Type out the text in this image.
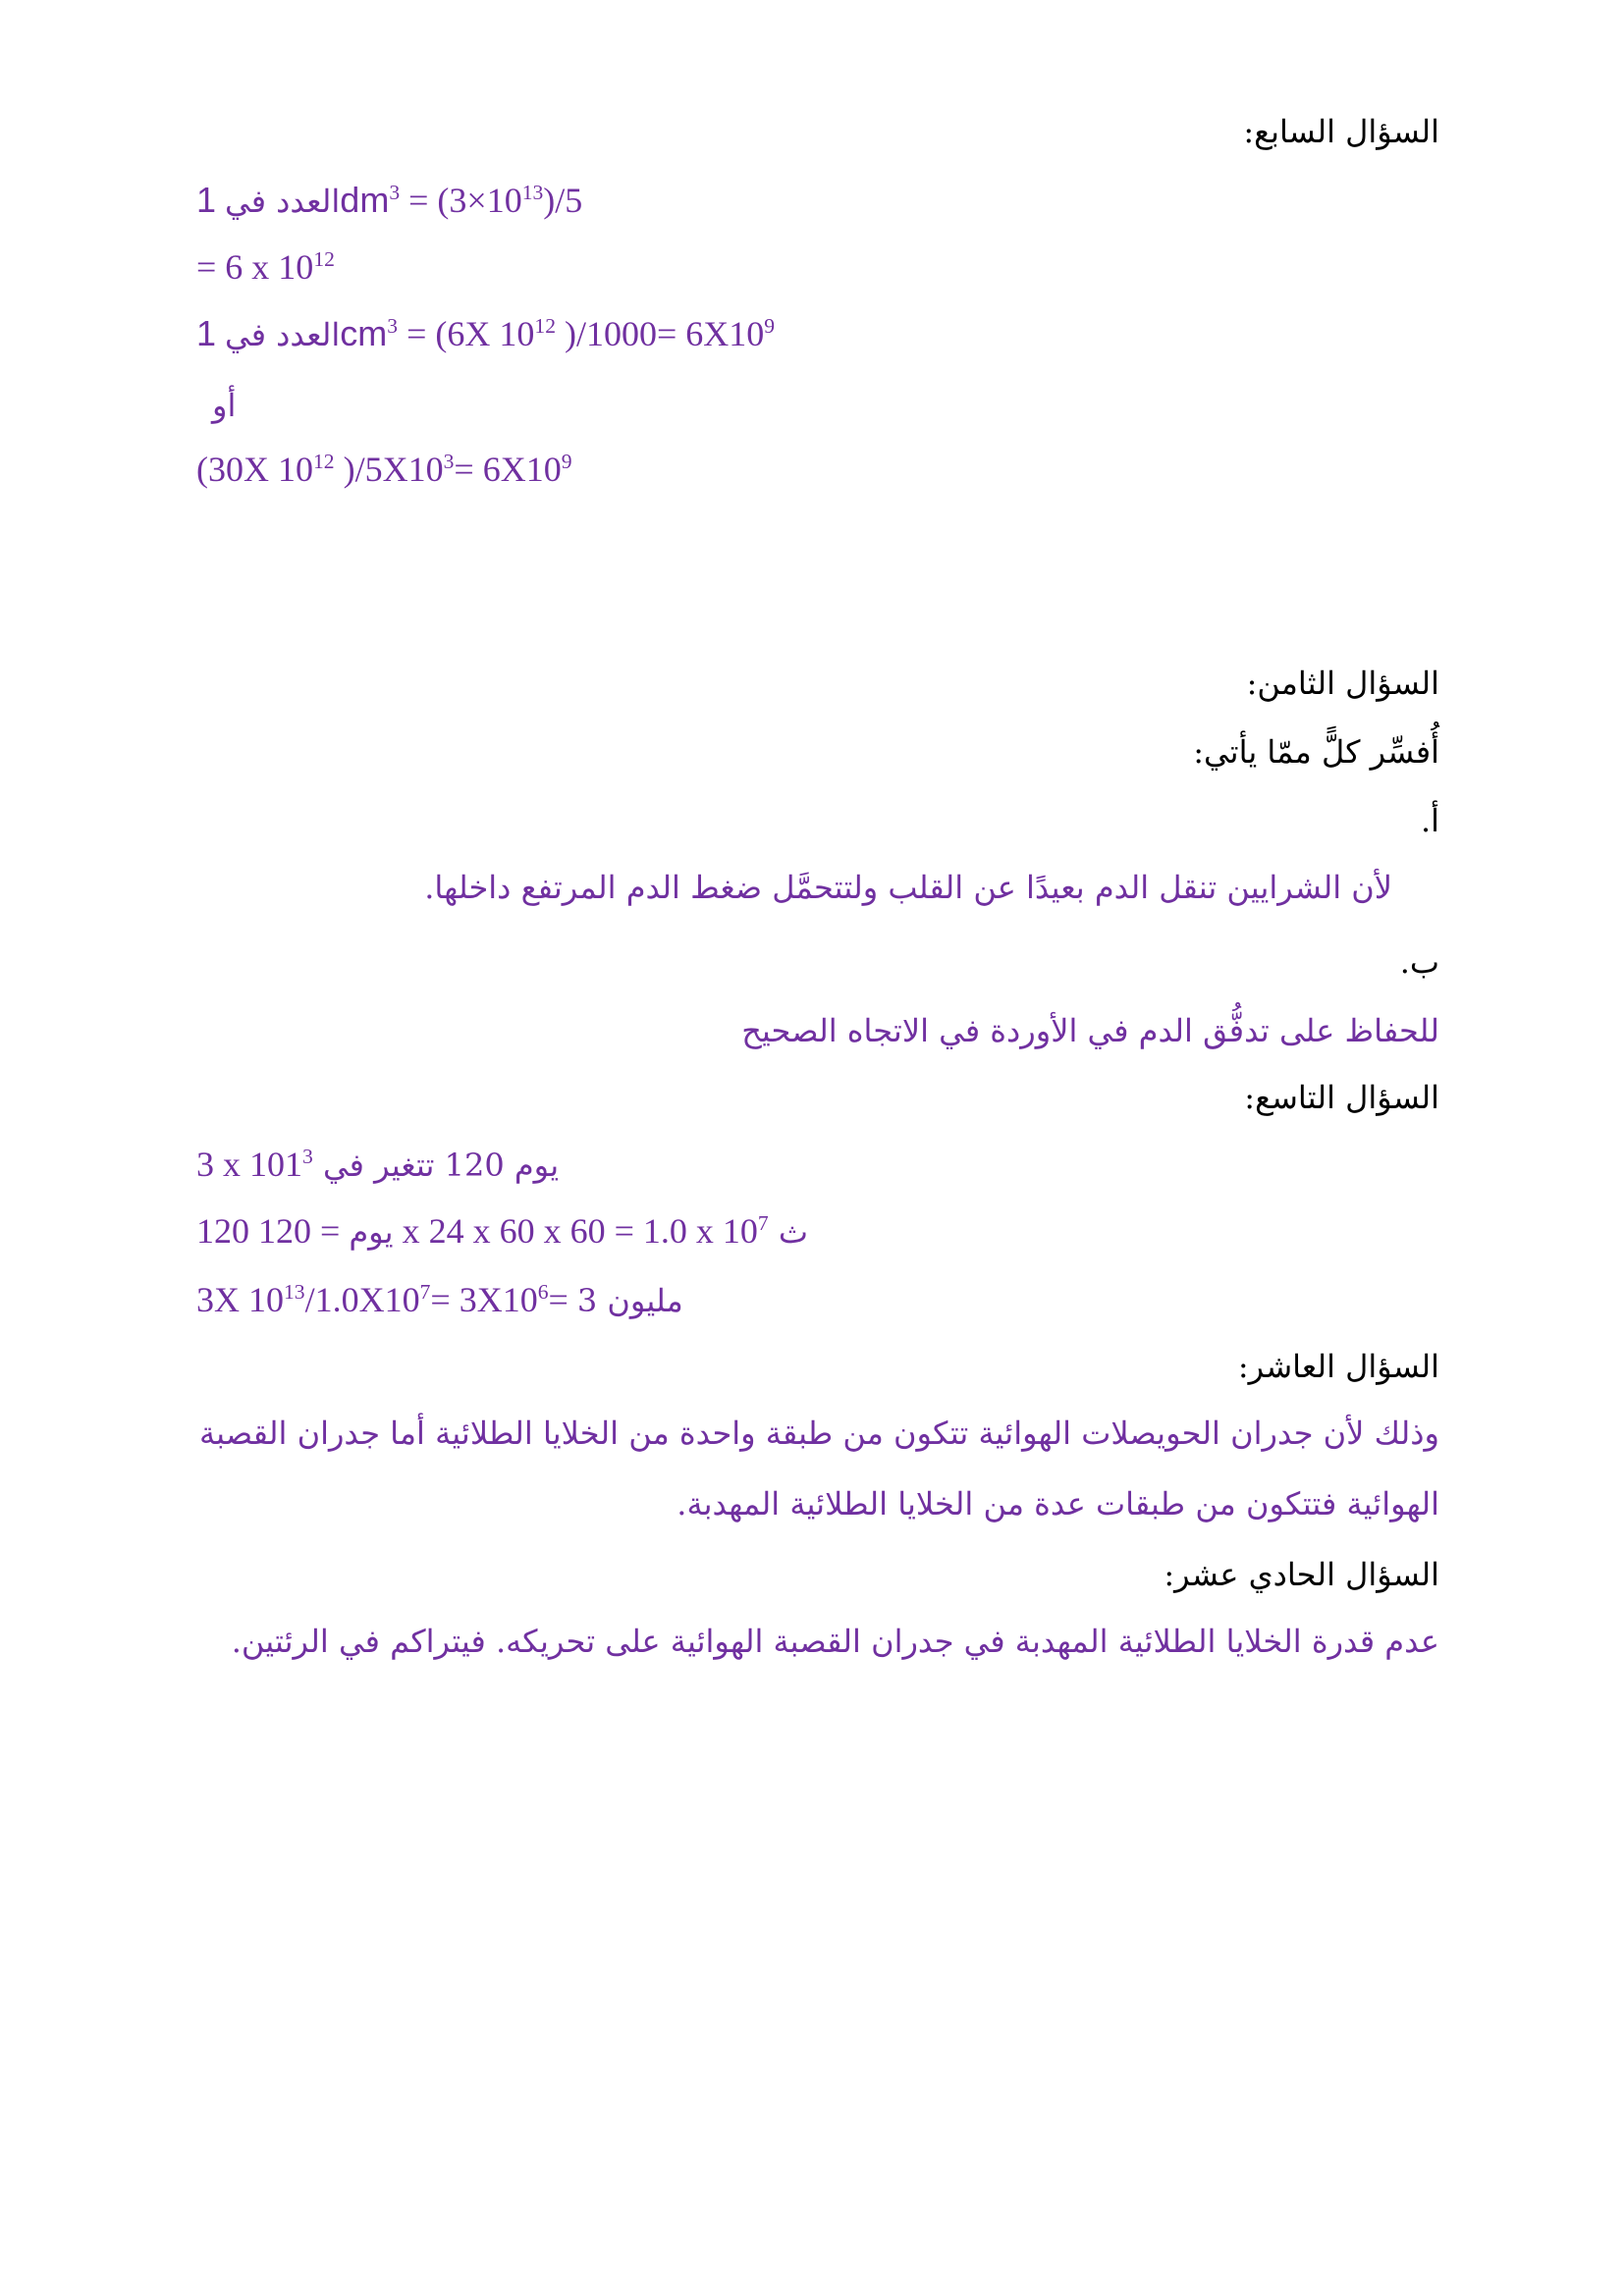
السؤال السابع:
العدد في $1dm^3 = (3\times 10^{13})/5$
= 6 x $10^{12}$
العدد في $1cm^3 = (6X$ $10^{12}$ )$/1000= 6X10^9$
أو
(30X $10^{12}$ )$/5X10^3= 6X10^9$
السؤال الثامن:
أُفسِّر كلًّ ممّا يأتي:
أ.
لأن الشرايين تنقل الدم بعيدًا عن القلب ولتتحمَّل ضغط الدم المرتفع داخلها.
ب.
للحفاظ على تدفُّق الدم في الأوردة في الاتجاه الصحيح
السؤال التاسع:
3 x $101^3$ يوم 120 تتغير في
120	يوم = 120 x 24 x 60 x 60 = 1.0 x $10^7$ ث
3X $10^{13}/1.0X10^7= 3X10^6= 3$ مليون
السؤال العاشر:
وذلك لأن جدران الحويصلات الهوائية تتكون من طبقة واحدة من الخلايا الطلائية أما جدران القصبة الهوائية فتتكون من طبقات عدة من الخلايا الطلائية المهدبة.
السؤال الحادي عشر:
عدم قدرة الخلايا الطلائية المهدبة في جدران القصبة الهوائية على تحريكه. فيتراكم في الرئتين.
